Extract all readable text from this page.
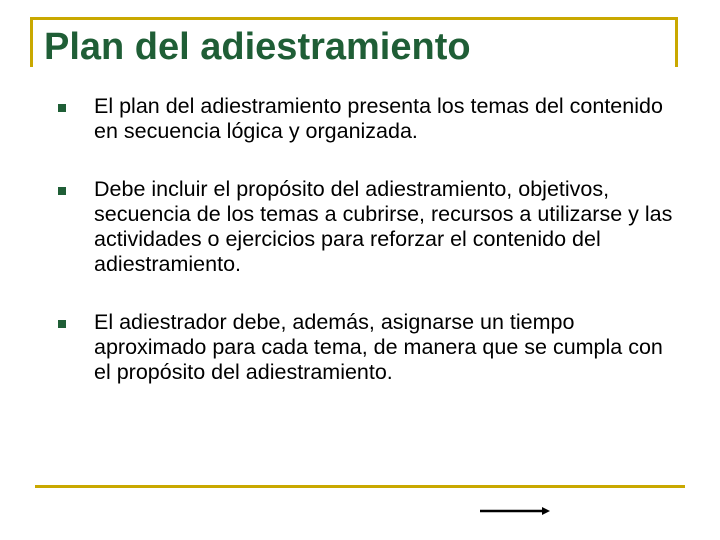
Plan del adiestramiento
El plan del adiestramiento presenta los temas del contenido en secuencia lógica y organizada.
Debe incluir el propósito del adiestramiento, objetivos, secuencia de los temas a cubrirse, recursos a utilizarse y las actividades o ejercicios para reforzar el contenido del adiestramiento.
El adiestrador debe, además, asignarse un tiempo aproximado para cada tema, de manera que se cumpla con el propósito del adiestramiento.
